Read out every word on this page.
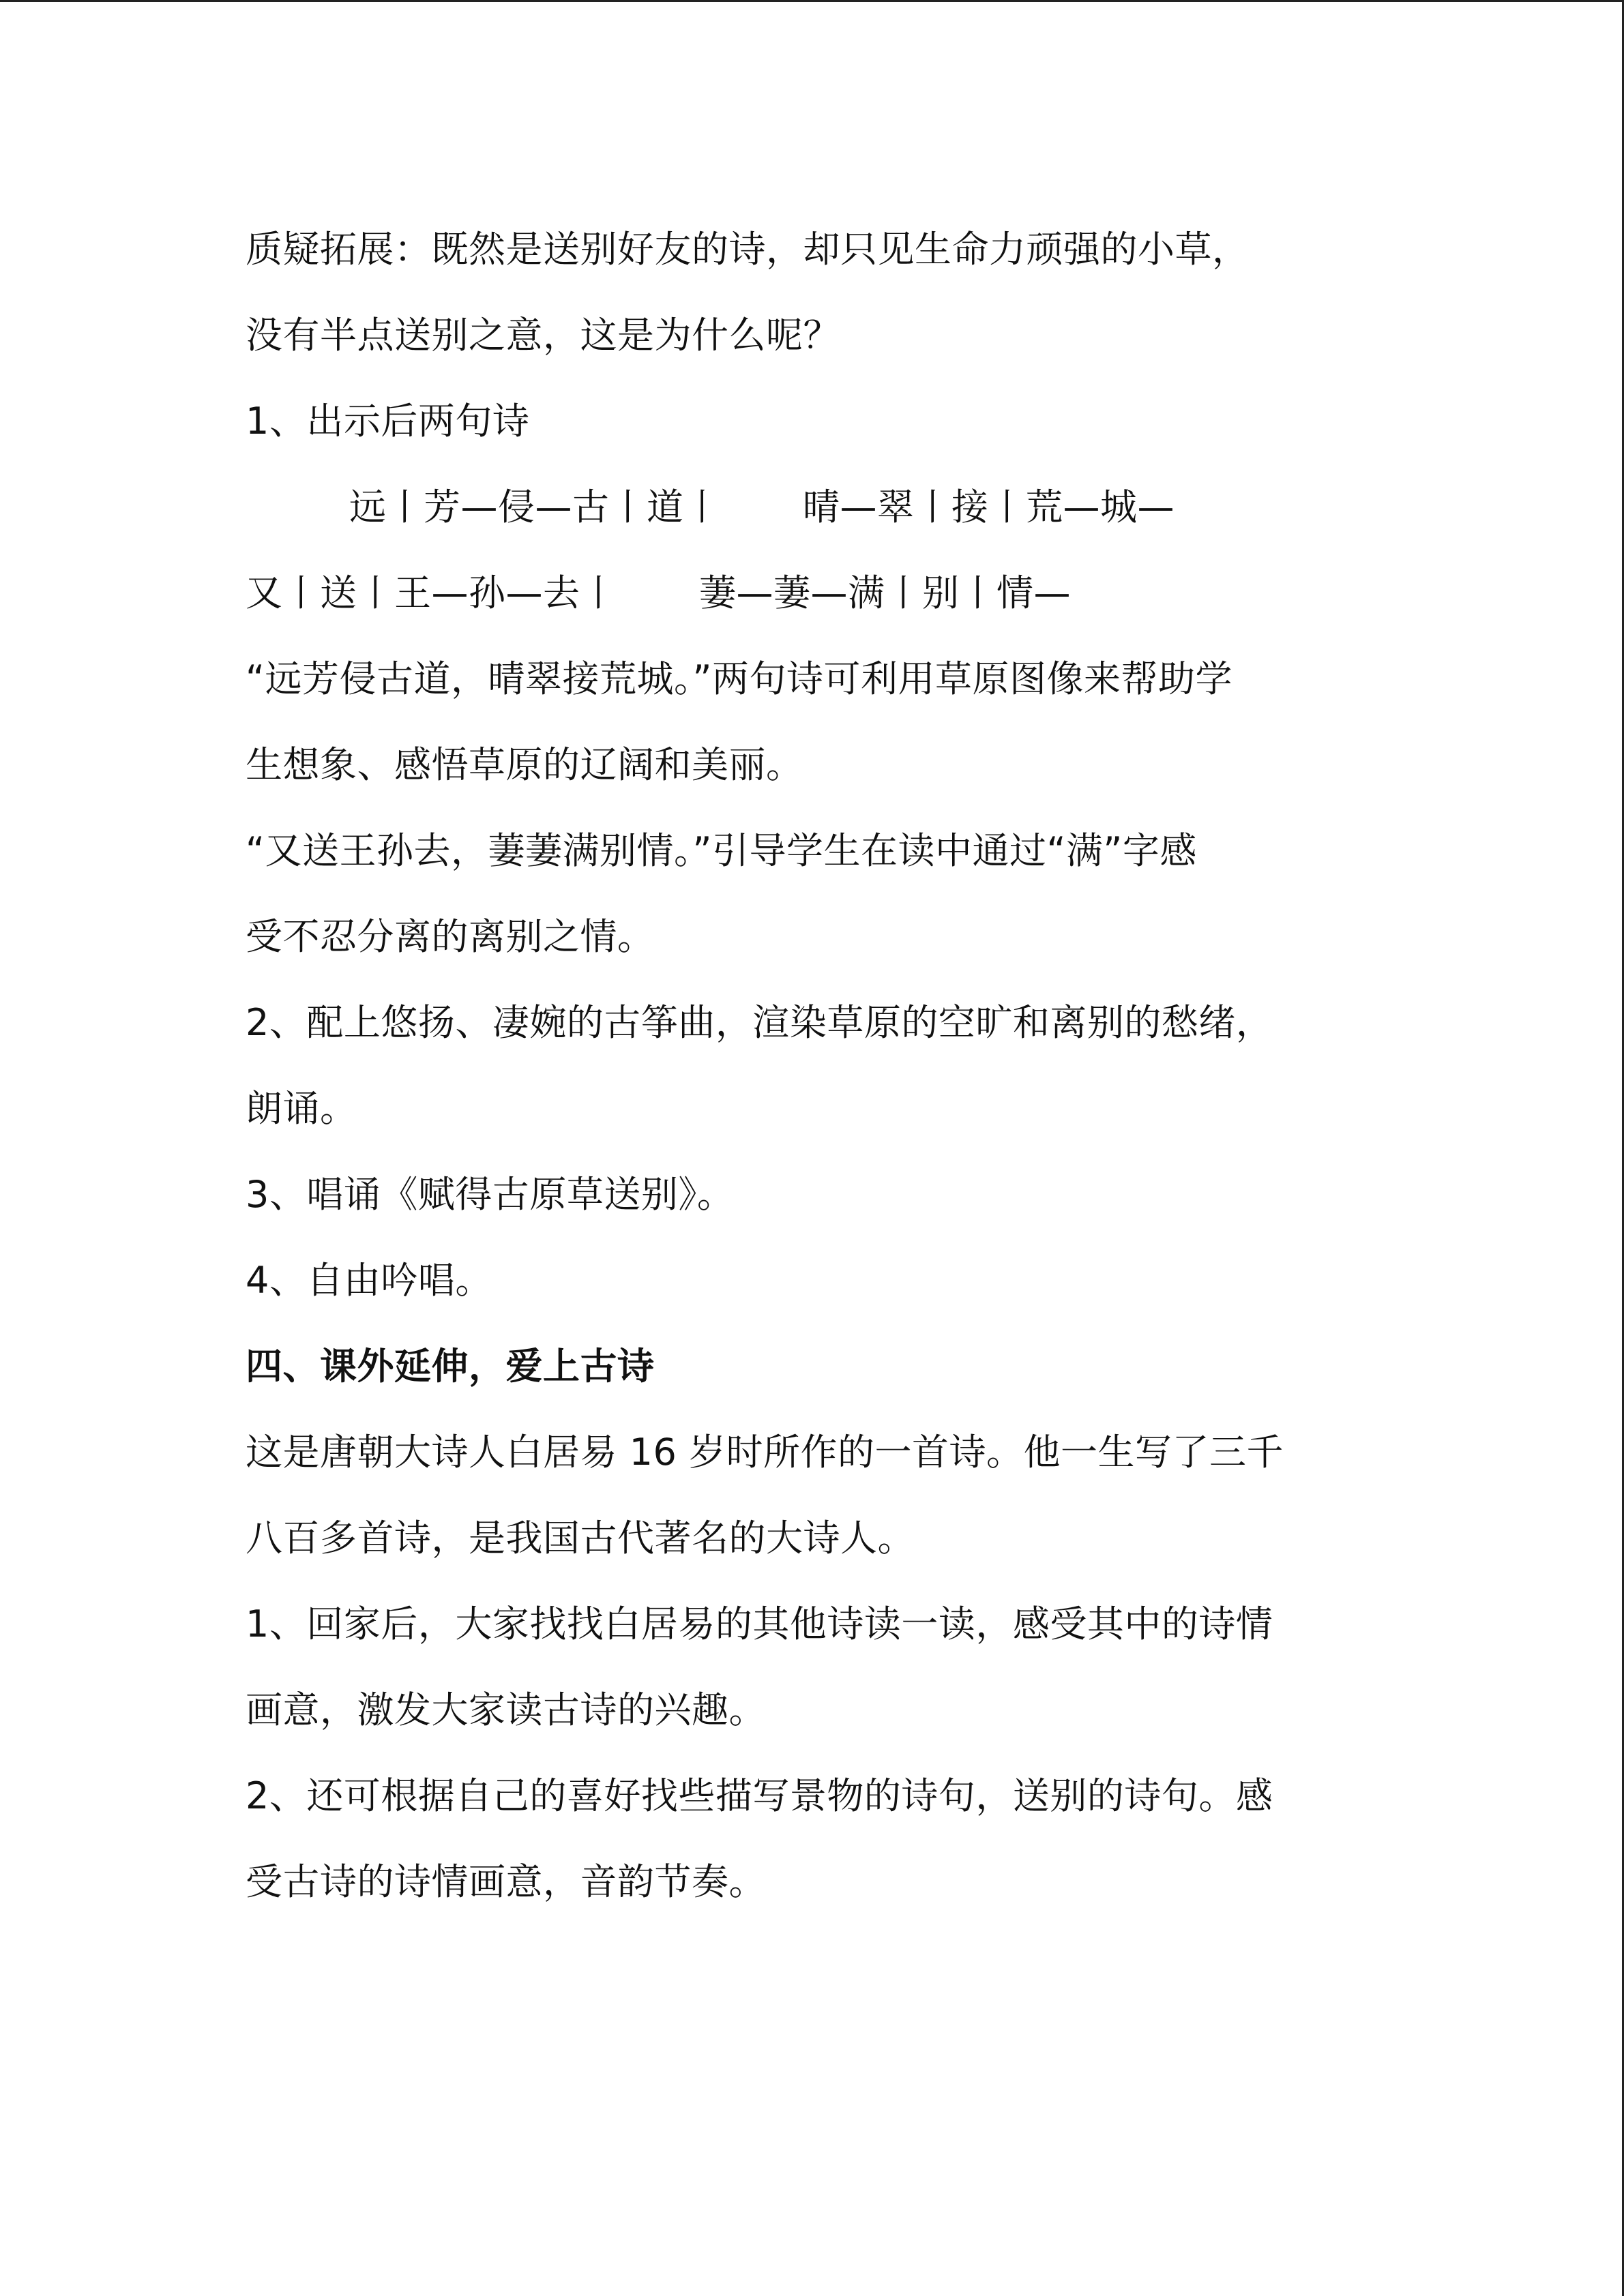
质疑拓展：既然是送别好友的诗，却只见生命力顽强的小草，
没有半点送别之意，这是为什么呢？
1、出示后两句诗
远丨芳—侵—古丨道丨 晴—翠丨接丨荒—城—
又丨送丨王—孙—去丨 萋—萋—满丨别丨情—
“远芳侵古道，晴翠接荒城。”两句诗可利用草原图像来帮助学
生想象、感悟草原的辽阔和美丽。
“又送王孙去，萋萋满别情。”引导学生在读中通过“满”字感
受不忍分离的离别之情。
2、配上悠扬、凄婉的古筝曲，渲染草原的空旷和离别的愁绪，
朗诵。
3、唱诵《赋得古原草送别》。
4、自由吟唱。
四、课外延伸，爱上古诗
这是唐朝大诗人白居易 16 岁时所作的一首诗。他一生写了三千
八百多首诗，是我国古代著名的大诗人。
1、回家后，大家找找白居易的其他诗读一读，感受其中的诗情
画意，激发大家读古诗的兴趣。
2、还可根据自己的喜好找些描写景物的诗句，送别的诗句。感
受古诗的诗情画意，音韵节奏。
